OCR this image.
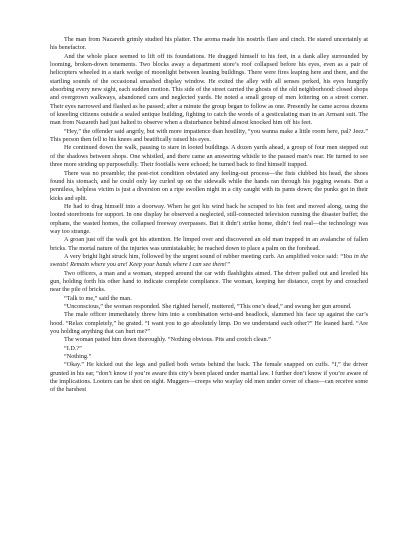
The man from Nazareth grimly studied his platter. The aroma made his nostrils flare and cinch. He stared uncertainly at his benefactor.

And the whole place seemed to lift off its foundations. He dragged himself to his feet, in a dank alley surrounded by looming, broken-down tenements. Two blocks away a department store’s roof collapsed before his eyes, even as a pair of helicopters wheeled in a stark wedge of moonlight between leaning buildings. There were fires leaping here and there, and the startling sounds of the occasional smashed display window. He exited the alley with all senses perked, his eyes hungrily absorbing every new sight, each sudden motion. This side of the street carried the ghosts of the old neighborhood: closed shops and overgrown walkways, abandoned cars and neglected yards. He noted a small group of men loitering on a street corner. Their eyes narrowed and flashed as he passed; after a minute the group began to follow as one. Presently he came across dozens of kneeling citizens outside a sealed antique building, fighting to catch the words of a gesticulating man in an Armani suit. The man from Nazareth had just halted to observe when a disturbance behind almost knocked him off his feet.

“Hey,” the offender said angrily, but with more impatience than hostility, “you wanna make a little room here, pal? Jeez.” This person then fell to his knees and beatifically raised his eyes.

He continued down the walk, pausing to stare in looted buildings. A dozen yards ahead, a group of four men stepped out of the shadows between shops. One whistled, and there came an answering whistle to the paused man’s rear. He turned to see three more striding up purposefully. Their footfalls were echoed; he turned back to find himself trapped.

There was no preamble; the post-riot condition obviated any feeling-out process—the fists clubbed his head, the shoes found his stomach, and he could only lay curled up on the sidewalk while the hands ran through his jogging sweats. But a penniless, helpless victim is just a diversion on a ripe swollen night in a city caught with its pants down; the punks got in their kicks and split.

He had to drag himself into a doorway. When he got his wind back he scraped to his feet and moved along, using the looted storefronts for support. In one display he observed a neglected, still-connected television running the disaster buffet; the orphans, the wasted homes, the collapsed freeway overpasses. But it didn’t strike home, didn’t feel real—the technology was way too strange.

A groan just off the walk got his attention. He limped over and discovered an old man trapped in an avalanche of fallen bricks. The mortal nature of the injuries was unmistakable; he reached down to place a palm on the forehead.

A very bright light struck him, followed by the urgent sound of rubber meeting curb. An amplified voice said: “You in the sweats! Remain where you are! Keep your hands where I can see them!”

Two officers, a man and a woman, stepped around the car with flashlights aimed. The driver pulled out and leveled his gun, holding forth his other hand to indicate complete compliance. The woman, keeping her distance, crept by and crouched near the pile of bricks.

“Talk to me,” said the man.

“Unconscious,” the woman responded. She righted herself, muttered, “This one’s dead,” and swung her gun around.

The male officer immediately threw him into a combination wrist-and headlock, slammed his face up against the car’s hood. “Relax completely,” he grated. “I want you to go absolutely limp. Do we understand each other?” He leaned hard. “Are you holding anything that can hurt me?”

The woman patted him down thoroughly. “Nothing obvious. Pits and crotch clean.”

“I.D.?”

“Nothing.”

“Okay.” He kicked out the legs and pulled both wrists behind the back. The female snapped on cuffs. “I,” the driver grunted in his ear, “don’t know if you’re aware this city’s been placed under martial law. I further don’t know if you’re aware of the implications. Looters can be shot on sight. Muggers—creeps who waylay old men under cover of chaos—can receive some of the harshest
